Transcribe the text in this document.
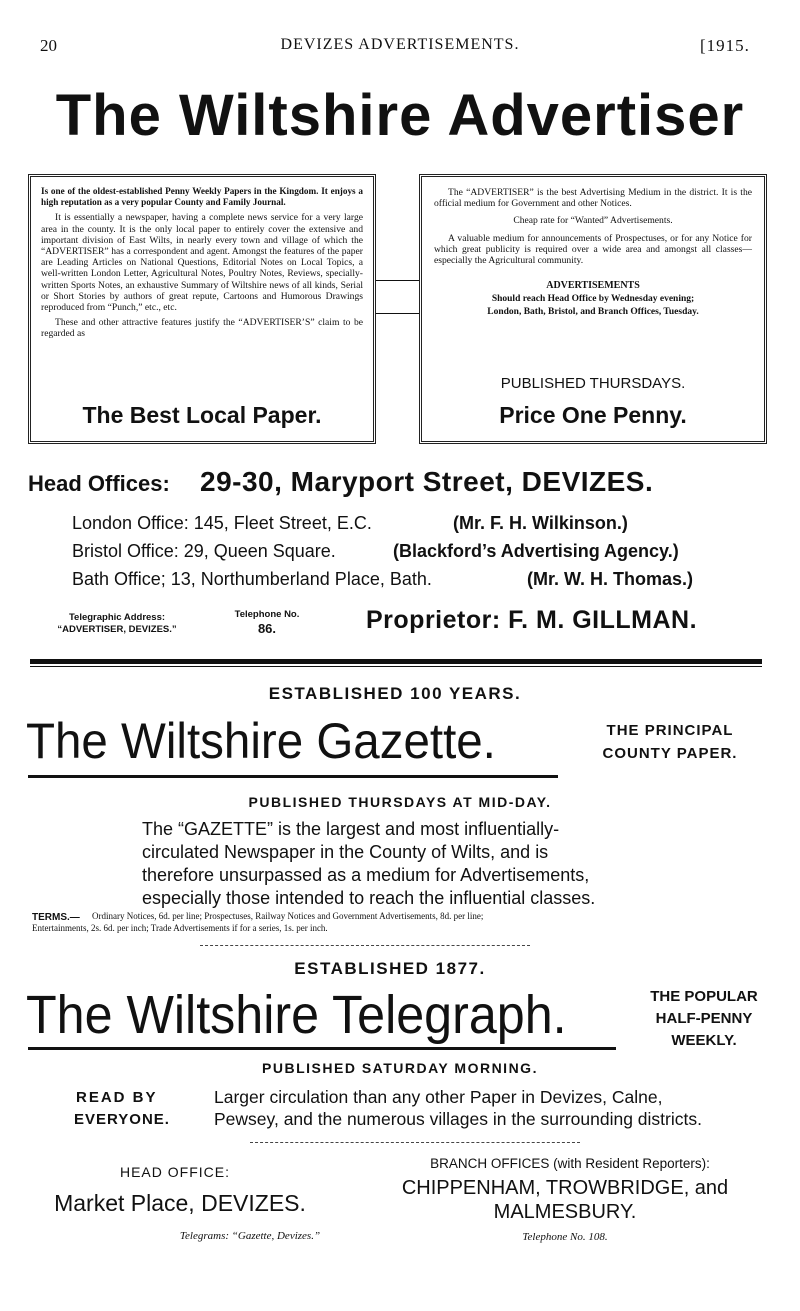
20	DEVIZES ADVERTISEMENTS.	[1915.
The Wiltshire Advertiser

Is one of the oldest-established Penny Weekly Papers in the Kingdom. It enjoys a high reputation as a very popular County and Family Journal.

It is essentially a newspaper, having a complete news service for a very large area in the county. It is the only local paper to entirely cover the extensive and important division of East Wilts, in nearly every town and village of which the “ADVERTISER” has a correspondent and agent. Amongst the features of the paper are Leading Articles on National Questions, Editorial Notes on Local Topics, a well-written London Letter, Agricultural Notes, Poultry Notes, Reviews, specially-written Sports Notes, an exhaustive Summary of Wiltshire news of all kinds, Serial or Short Stories by authors of great repute, Cartoons and Humorous Drawings reproduced from “Punch,” etc., etc.

These and other attractive features justify the “ADVERTISER’S” claim to be regarded as

The Best Local Paper.

The “ADVERTISER” is the best Advertising Medium in the district. It is the official medium for Government and other Notices.

Cheap rate for “Wanted” Advertisements.

A valuable medium for announcements of Prospectuses, or for any Notice for which great publicity is required over a wide area and amongst all classes—especially the Agricultural community.

ADVERTISEMENTS
Should reach Head Office by Wednesday evening;
London, Bath, Bristol, and Branch Offices, Tuesday.
PUBLISHED THURSDAYS.
Price One Penny.
Head Offices: 29-30, Maryport Street, DEVIZES.
London Office: 145, Fleet Street, E.C.	(Mr. F. H. Wilkinson.)
Bristol Office: 29, Queen Square.	(Blackford’s Advertising Agency.)
Bath Office; 13, Northumberland Place, Bath.	(Mr. W. H. Thomas.)
Telegraphic Address:
“ADVERTISER, DEVIZES.”
Telephone No.
86.	Proprietor: F. M. GILLMAN.
ESTABLISHED 100 YEARS.
The Wiltshire Gazette.	THE PRINCIPAL
COUNTY PAPER.
PUBLISHED THURSDAYS AT MID-DAY.
The “GAZETTE” is the largest and most influentially-
circulated Newspaper in the County of Wilts, and is
therefore unsurpassed as a medium for Advertisements,
especially those intended to reach the influential classes.
TERMS.— Ordinary Notices, 6d. per line; Prospectuses, Railway Notices and Government Advertisements, 8d. per line;
Entertainments, 2s. 6d. per inch; Trade Advertisements if for a series, 1s. per inch.
ESTABLISHED 1877.
The Wiltshire Telegraph.	THE POPULAR
HALF-PENNY
WEEKLY.
PUBLISHED SATURDAY MORNING.
READ BY
EVERYONE.
Larger circulation than any other Paper in Devizes, Calne,
Pewsey, and the numerous villages in the surrounding districts.
HEAD OFFICE:
Market Place, DEVIZES.
Telegrams: “Gazette, Devizes.”
BRANCH OFFICES (with Resident Reporters):
CHIPPENHAM, TROWBRIDGE, and
MALMESBURY.
Telephone No. 108.
